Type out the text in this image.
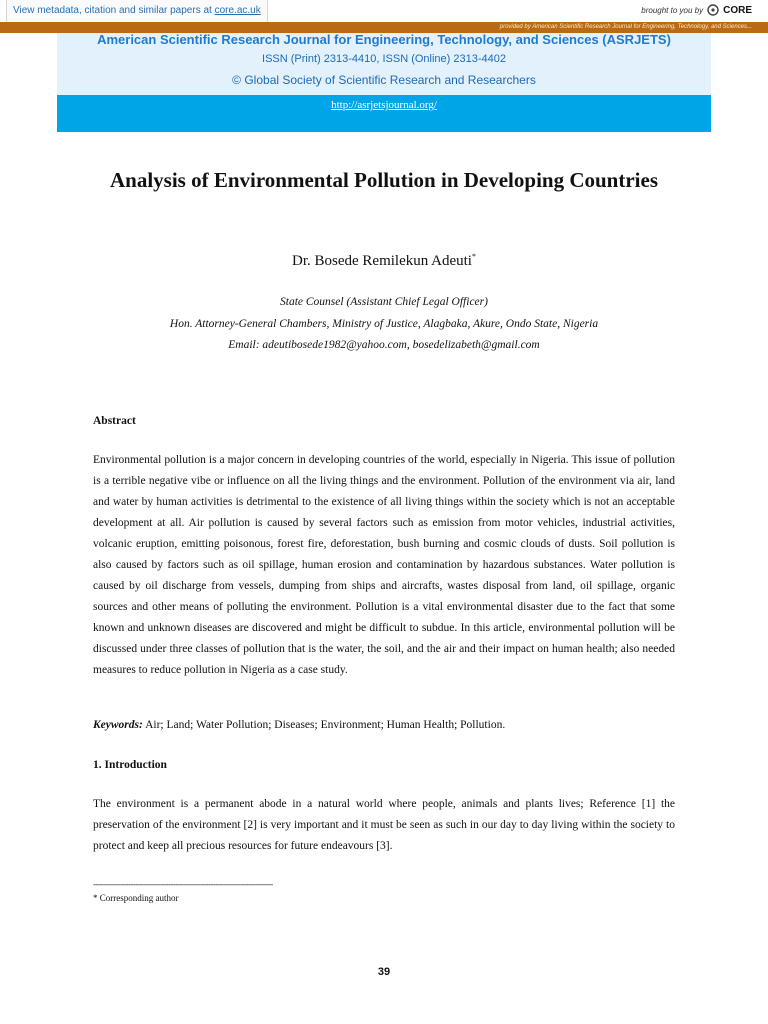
View metadata, citation and similar papers at core.ac.uk	brought to you by CORE
provided by American Scientific Research Journal for Engineering, Technology, and Sciences...
American Scientific Research Journal for Engineering, Technology, and Sciences (ASRJETS)
ISSN (Print) 2313-4410, ISSN (Online) 2313-4402
© Global Society of Scientific Research and Researchers
http://asrjetsjournal.org/
Analysis of Environmental Pollution in Developing Countries
Dr. Bosede Remilekun Adeuti*
State Counsel (Assistant Chief Legal Officer)
Hon. Attorney-General Chambers, Ministry of Justice, Alagbaka, Akure, Ondo State, Nigeria
Email: adeutibosede1982@yahoo.com, bosedelizabeth@gmail.com
Abstract
Environmental pollution is a major concern in developing countries of the world, especially in Nigeria. This issue of pollution is a terrible negative vibe or influence on all the living things and the environment. Pollution of the environment via air, land and water by human activities is detrimental to the existence of all living things within the society which is not an acceptable development at all. Air pollution is caused by several factors such as emission from motor vehicles, industrial activities, volcanic eruption, emitting poisonous, forest fire, deforestation, bush burning and cosmic clouds of dusts. Soil pollution is also caused by factors such as oil spillage, human erosion and contamination by hazardous substances. Water pollution is caused by oil discharge from vessels, dumping from ships and aircrafts, wastes disposal from land, oil spillage, organic sources and other means of polluting the environment. Pollution is a vital environmental disaster due to the fact that some known and unknown diseases are discovered and might be difficult to subdue. In this article, environmental pollution will be discussed under three classes of pollution that is the water, the soil, and the air and their impact on human health; also needed measures to reduce pollution in Nigeria as a case study.
Keywords: Air; Land; Water Pollution; Diseases; Environment; Human Health; Pollution.
1. Introduction
The environment is a permanent abode in a natural world where people, animals and plants lives; Reference [1] the preservation of the environment [2] is very important and it must be seen as such in our day to day living within the society to protect and keep all precious resources for future endeavours [3].
------------------------------------------------------------------------
* Corresponding author
39
